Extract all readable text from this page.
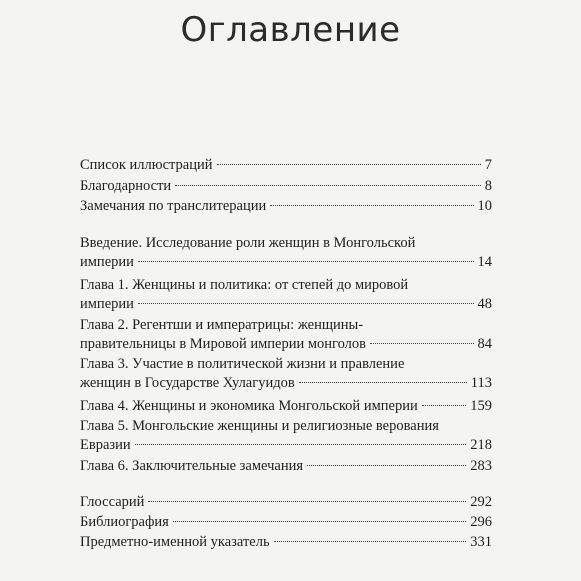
Оглавление
Список иллюстраций	7
Благодарности	8
Замечания по транслитерации	10
Введение. Исследование роли женщин в Монгольской
империи	14
Глава 1. Женщины и политика: от степей до мировой
империи	48
Глава 2. Регентши и императрицы: женщины-
правительницы в Мировой империи монголов	84
Глава 3. Участие в политической жизни и правление
женщин в Государстве Хулагуидов	113
Глава 4. Женщины и экономика Монгольской империи	159
Глава 5. Монгольские женщины и религиозные верования
Евразии	218
Глава 6. Заключительные замечания	283
Глоссарий	292
Библиография	296
Предметно-именной указатель	331
